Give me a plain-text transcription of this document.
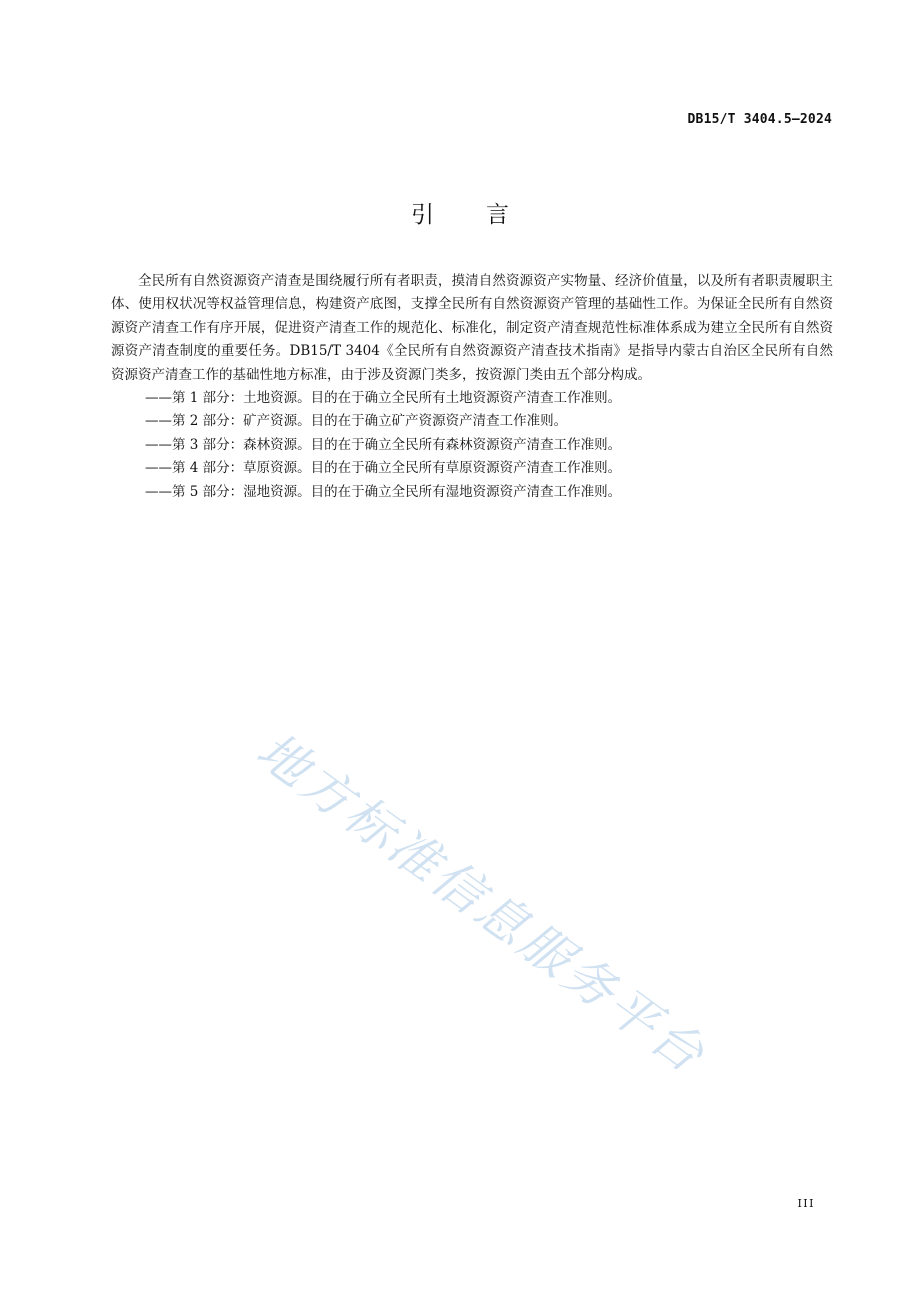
DB15/T 3404.5—2024
引言

全民所有自然资源资产清查是围绕履行所有者职责，摸清自然资源资产实物量、经济价值量，以及所有者职责履职主体、使用权状况等权益管理信息，构建资产底图，支撑全民所有自然资源资产管理的基础性工作。为保证全民所有自然资源资产清查工作有序开展，促进资产清查工作的规范化、标准化，制定资产清查规范性标准体系成为建立全民所有自然资源资产清查制度的重要任务。DB15/T 3404《全民所有自然资源资产清查技术指南》是指导内蒙古自治区全民所有自然资源资产清查工作的基础性地方标准，由于涉及资源门类多，按资源门类由五个部分构成。

——第 1 部分：土地资源。目的在于确立全民所有土地资源资产清查工作准则。
——第 2 部分：矿产资源。目的在于确立矿产资源资产清查工作准则。
——第 3 部分：森林资源。目的在于确立全民所有森林资源资产清查工作准则。
——第 4 部分：草原资源。目的在于确立全民所有草原资源资产清查工作准则。
——第 5 部分：湿地资源。目的在于确立全民所有湿地资源资产清查工作准则。
地方标准信息服务平台
III
